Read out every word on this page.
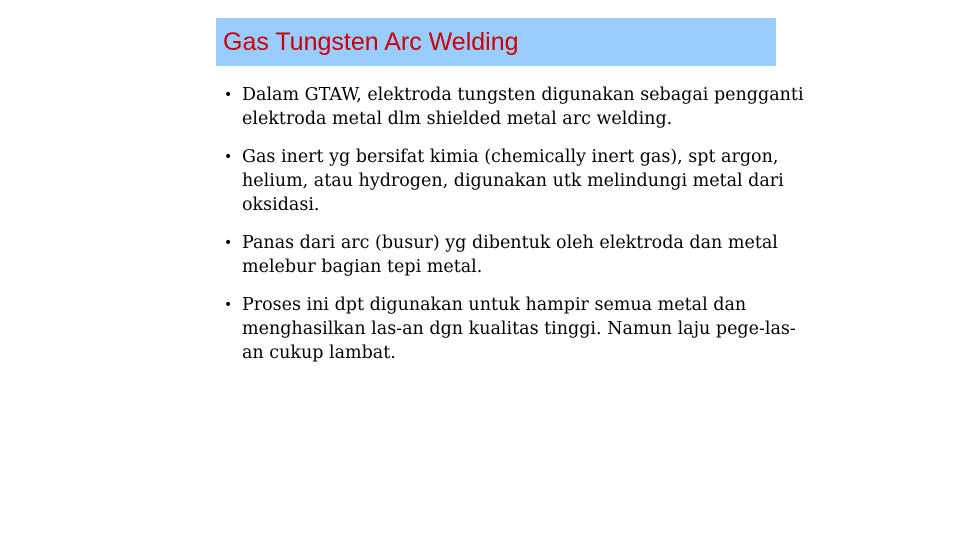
Gas Tungsten Arc Welding
• Dalam GTAW, elektroda tungsten digunakan sebagai pengganti elektroda metal dlm shielded metal arc welding.
• Gas inert yg bersifat kimia (chemically inert gas), spt argon, helium, atau hydrogen, digunakan utk melindungi metal dari oksidasi.
• Panas dari arc (busur) yg dibentuk oleh elektroda dan metal melebur bagian tepi metal.
• Proses ini dpt digunakan untuk hampir semua metal dan menghasilkan las-an dgn kualitas tinggi. Namun laju pege-las-an cukup lambat.
